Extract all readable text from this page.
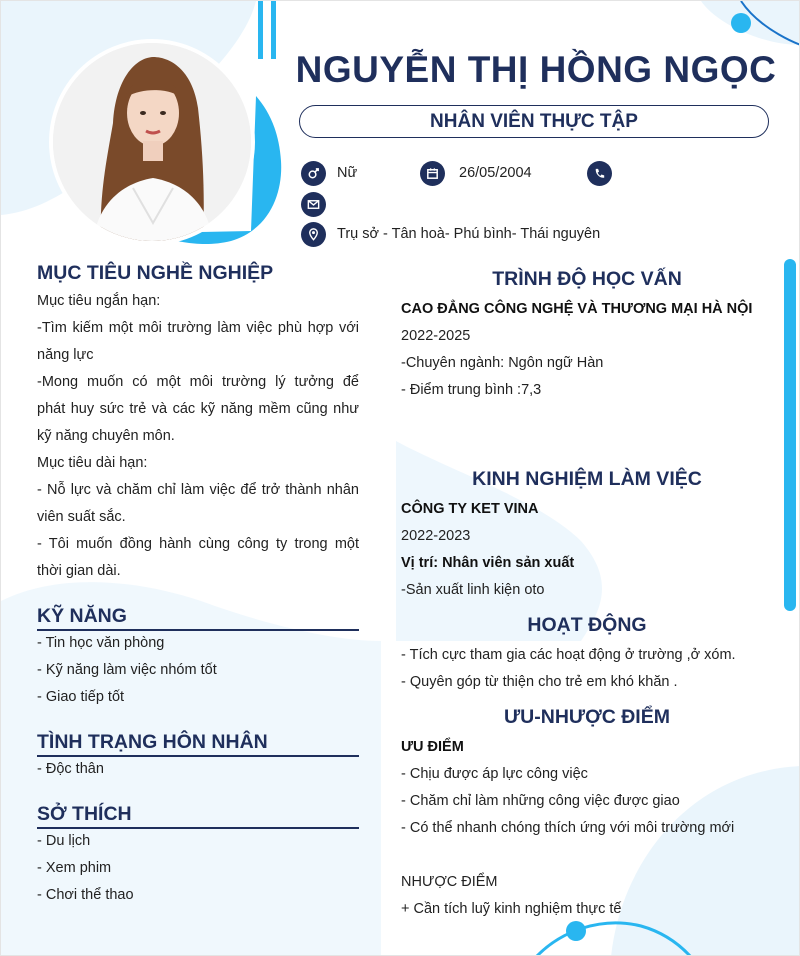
NGUYỄN THỊ HỒNG NGỌC
NHÂN VIÊN THỰC TẬP
Nữ	26/05/2004
Trụ sở - Tân hoà- Phú bình- Thái nguyên
MỤC TIÊU NGHỀ NGHIỆP
Mục tiêu ngắn hạn:
-Tìm kiếm một môi trường làm việc phù hợp với
năng lực
-Mong muốn có một môi trường lý tưởng để
phát huy sức trẻ và các kỹ năng mềm cũng như
kỹ năng chuyên môn.
Mục tiêu dài hạn:
- Nỗ lực và chăm chỉ làm việc để trở thành nhân
viên suất sắc.
- Tôi muốn đồng hành cùng công ty trong một
thời gian dài.
KỸ NĂNG
- Tin học văn phòng
- Kỹ năng làm việc nhóm tốt
- Giao tiếp tốt
TÌNH TRẠNG HÔN NHÂN
- Độc thân
SỞ THÍCH
- Du lịch
- Xem phim
- Chơi thể thao
TRÌNH ĐỘ HỌC VẤN
CAO ĐẲNG CÔNG NGHỆ VÀ THƯƠNG MẠI HÀ NỘI
2022-2025
-Chuyên ngành: Ngôn ngữ Hàn
- Điểm trung bình :7,3
KINH NGHIỆM LÀM VIỆC
CÔNG TY KET VINA
2022-2023
Vị trí: Nhân viên sản xuất
-Sản xuất linh kiện oto
HOẠT ĐỘNG
- Tích cực tham gia các hoạt động ở trường ,ở xóm.
- Quyên góp từ thiện cho trẻ em khó khăn .
ƯU-NHƯỢC ĐIỂM
ƯU ĐIỂM
- Chịu được áp lực công việc
- Chăm chỉ làm những công việc được giao
- Có thể nhanh chóng thích ứng với môi trường mới
NHƯỢC ĐIỂM
+ Cần tích luỹ kinh nghiệm thực tế
